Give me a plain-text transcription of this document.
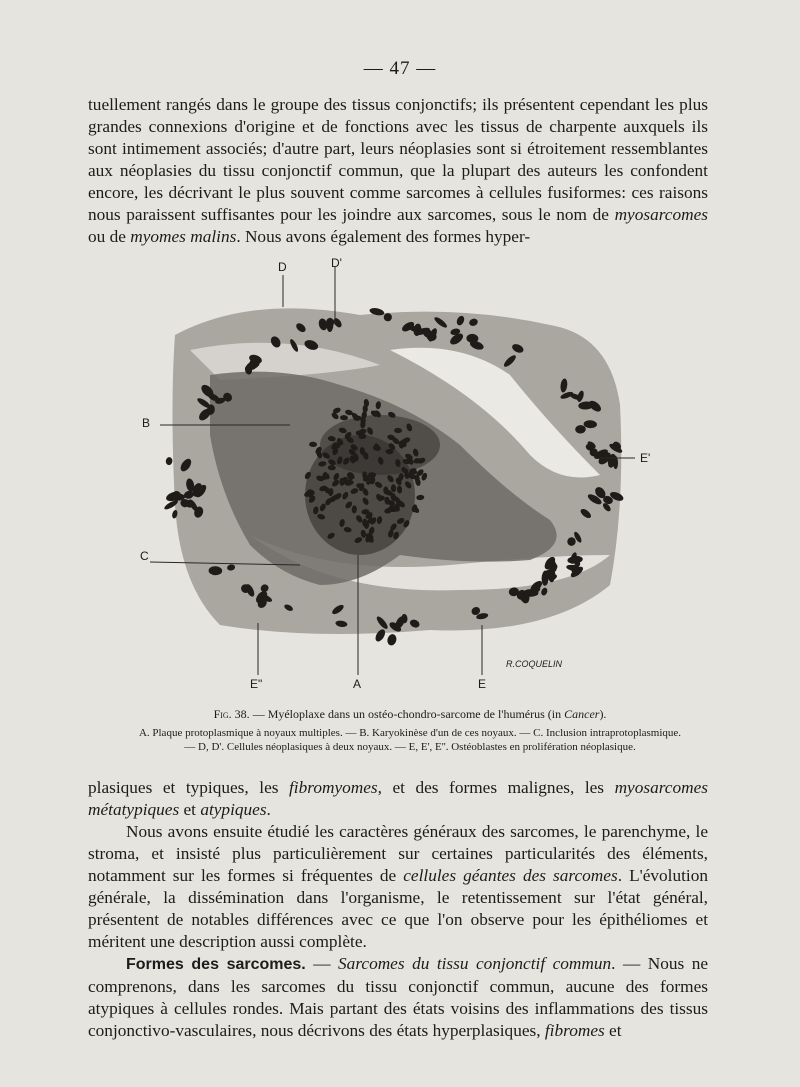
— 47 —

tuellement rangés dans le groupe des tissus conjonctifs; ils présentent cependant les plus grandes connexions d'origine et de fonctions avec les tissus de charpente auxquels ils sont intimement associés; d'autre part, leurs néoplasies sont si étroitement ressemblantes aux néoplasies du tissu conjonctif commun, que la plupart des auteurs les confondent encore, les décrivant le plus souvent comme sarcomes à cellules fusiformes: ces raisons nous paraissent suffisantes pour les joindre aux sarcomes, sous le nom de myosarcomes ou de myomes malins. Nous avons également des formes hyper-

D	D'
B
E'
C
E"	A	E
R.COQUELIN
Fig. 38. — Myéloplaxe dans un ostéo-chondro-sarcome de l'humérus (in Cancer).
A. Plaque protoplasmique à noyaux multiples. — B. Karyokinèse d'un de ces noyaux. — C. Inclusion intraprotoplasmique.
— D, D'. Cellules néoplasiques à deux noyaux. — E, E', E''. Ostéoblastes en prolifération néoplasique.

plasiques et typiques, les fibromyomes, et des formes malignes, les myosarcomes métatypiques et atypiques.

Nous avons ensuite étudié les caractères généraux des sarcomes, le parenchyme, le stroma, et insisté plus particulièrement sur certaines particularités des éléments, notamment sur les formes si fréquentes de cellules géantes des sarcomes. L'évolution générale, la dissémination dans l'organisme, le retentissement sur l'état général, présentent de notables différences avec ce que l'on observe pour les épithéliomes et méritent une description aussi complète.

Formes des sarcomes. — Sarcomes du tissu conjonctif commun. — Nous ne comprenons, dans les sarcomes du tissu conjonctif commun, aucune des formes atypiques à cellules rondes. Mais partant des états voisins des inflammations des tissus conjonctivo-vasculaires, nous décrivons des états hyperplasiques, fibromes et
